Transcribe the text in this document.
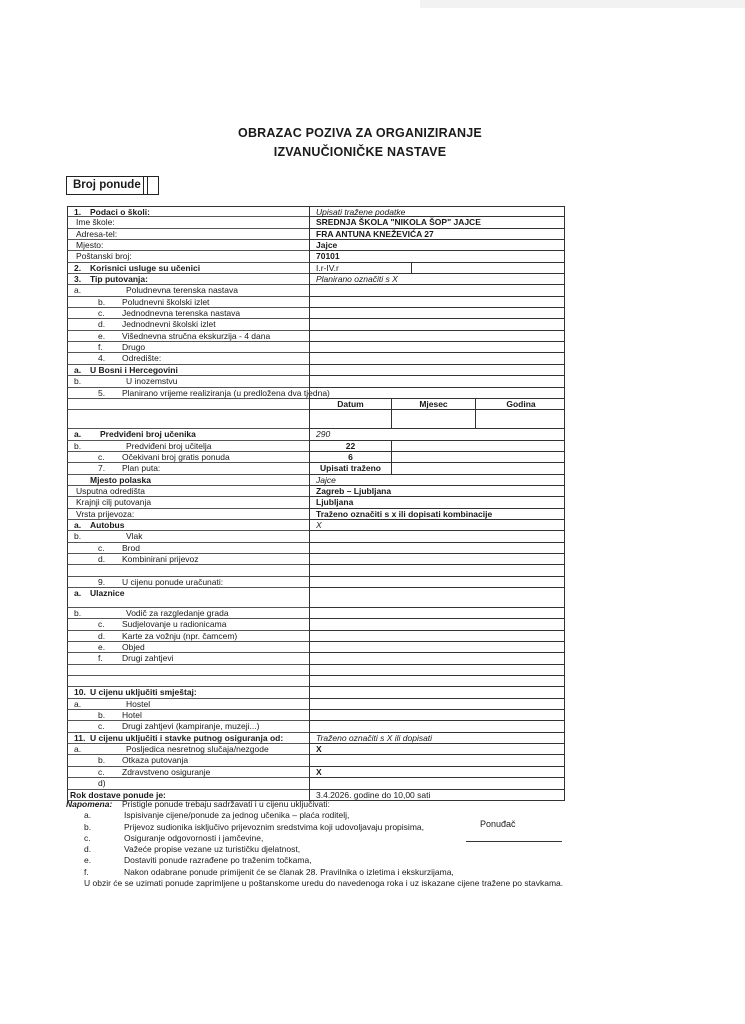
OBRAZAC POZIVA ZA ORGANIZIRANJE
IZVANUČIONIČKE NASTAVE
Broj ponude
1. Podaci o školi:	Upisati tražene podatke
Ime škole:	SREDNJA ŠKOLA "NIKOLA ŠOP" JAJCE
Adresa-tel:	FRA ANTUNA KNEŽEVIĆA 27
Mjesto:	Jajce
Poštanski broj:	70101
2. Korisnici usluge su učenici	I.r-IV.r
3. Tip putovanja:	Planirano označiti s X
a.	Poludnevna terenska nastava
b. Poludnevni školski izlet
c. Jednodnevna terenska nastava
d. Jednodnevni školski izlet
e. Višednevna stručna ekskurzija - 4 dana
f. Drugo
4. Odredište:
a. U Bosni i Hercegovini
b.	U inozemstvu
5. Planirano vrijeme realiziranja (u predložena dva tjedna)
Datum	Mjesec	Godina
a. Predviđeni broj učenika	290
b.	Predviđeni broj učitelja	22
c. Očekivani broj gratis ponuda	6
7. Plan puta:	Upisati traženo
Mjesto polaska	Jajce
Usputna odredišta	Zagreb – Ljubljana
Krajnji cilj putovanja	Ljubljana
Vrsta prijevoza:	Traženo označiti s x ili dopisati kombinacije
a. Autobus	X
b.	Vlak
c. Brod
d. Kombinirani prijevoz
9. U cijenu ponude uračunati:
a. Ulaznice
b.	Vodič za razgledanje grada
c. Sudjelovanje u radionicama
d. Karte za vožnju (npr. čamcem)
e. Objed
f. Drugi zahtjevi
10. U cijenu uključiti smještaj:
a.	Hostel
b. Hotel
c. Drugi zahtjevi (kampiranje, muzeji...)
11. U cijenu uključiti i stavke putnog osiguranja od:	Traženo označiti s X ili dopisati
a.	Posljedica nesretnog slučaja/nezgode	X
b. Otkaza putovanja
c. Zdravstveno osiguranje	X
d)
Rok dostave ponude je:	3.4.2026. godine do 10,00 sati
Napomena: Pristigle ponude trebaju sadržavati i u cijenu uključivati:
a.	Ispisivanje cijene/ponude za jednog učenika – plaća roditelj,
b.	Prijevoz sudionika isključivo prijevoznim sredstvima koji udovoljavaju propisima,
c.	Osiguranje odgovornosti i jamčevine,
d.	Važeće propise vezane uz turističku djelatnost,
e.	Dostaviti ponude razrađene po traženim točkama,
f.	Nakon odabrane ponude primijenit će se članak 28. Pravilnika o izletima i ekskurzijama,
U obzir će se uzimati ponude zaprimljene u poštanskome uredu do navedenoga roka i uz iskazane cijene tražene po stavkama.
Ponuđač
